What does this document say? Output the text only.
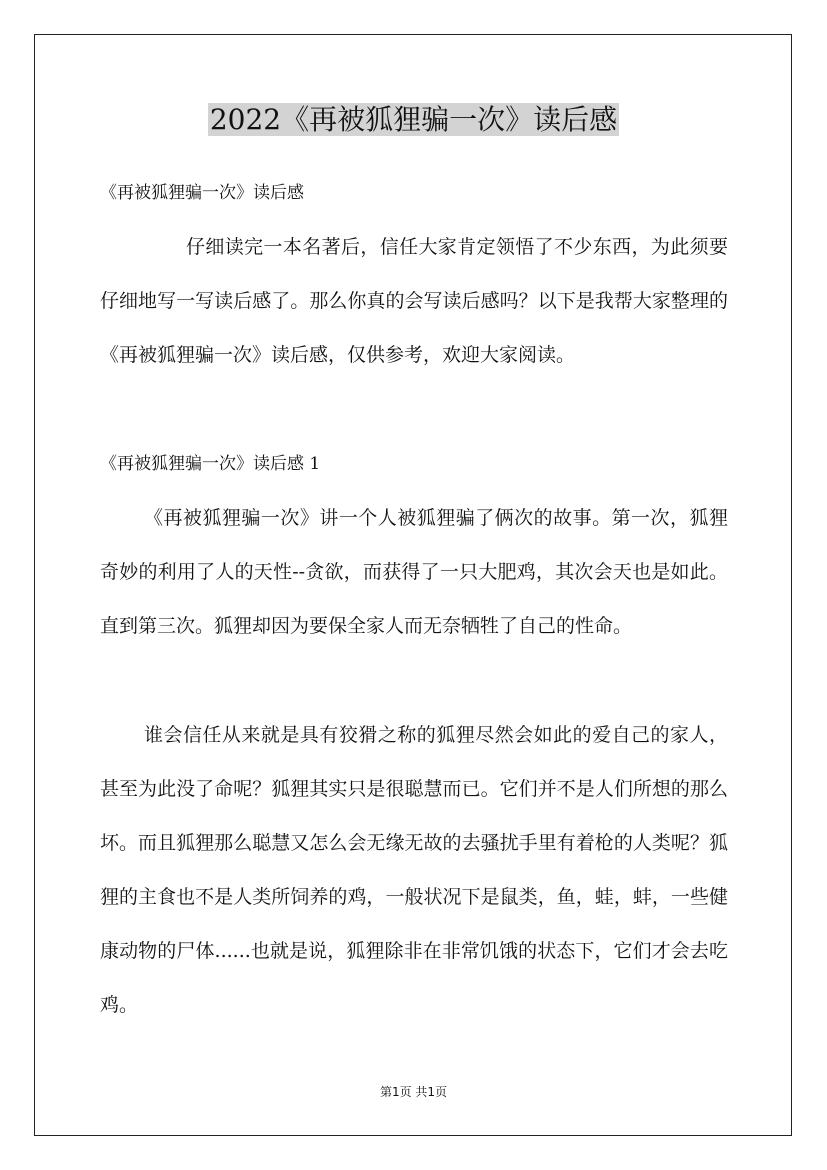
2022《再被狐狸骗一次》读后感
《再被狐狸骗一次》读后感

仔细读完一本名著后，信任大家肯定领悟了不少东西，为此须要仔细地写一写读后感了。那么你真的会写读后感吗？以下是我帮大家整理的《再被狐狸骗一次》读后感，仅供参考，欢迎大家阅读。

《再被狐狸骗一次》读后感 1

《再被狐狸骗一次》讲一个人被狐狸骗了俩次的故事。第一次，狐狸奇妙的利用了人的天性--贪欲，而获得了一只大肥鸡，其次会天也是如此。直到第三次。狐狸却因为要保全家人而无奈牺牲了自己的性命。

谁会信任从来就是具有狡猾之称的狐狸尽然会如此的爱自己的家人，甚至为此没了命呢？狐狸其实只是很聪慧而已。它们并不是人们所想的那么坏。而且狐狸那么聪慧又怎么会无缘无故的去骚扰手里有着枪的人类呢？狐狸的主食也不是人类所饲养的鸡，一般状况下是鼠类，鱼，蛙，蚌，一些健康动物的尸体......也就是说，狐狸除非在非常饥饿的状态下，它们才会去吃鸡。

第1页 共1页
